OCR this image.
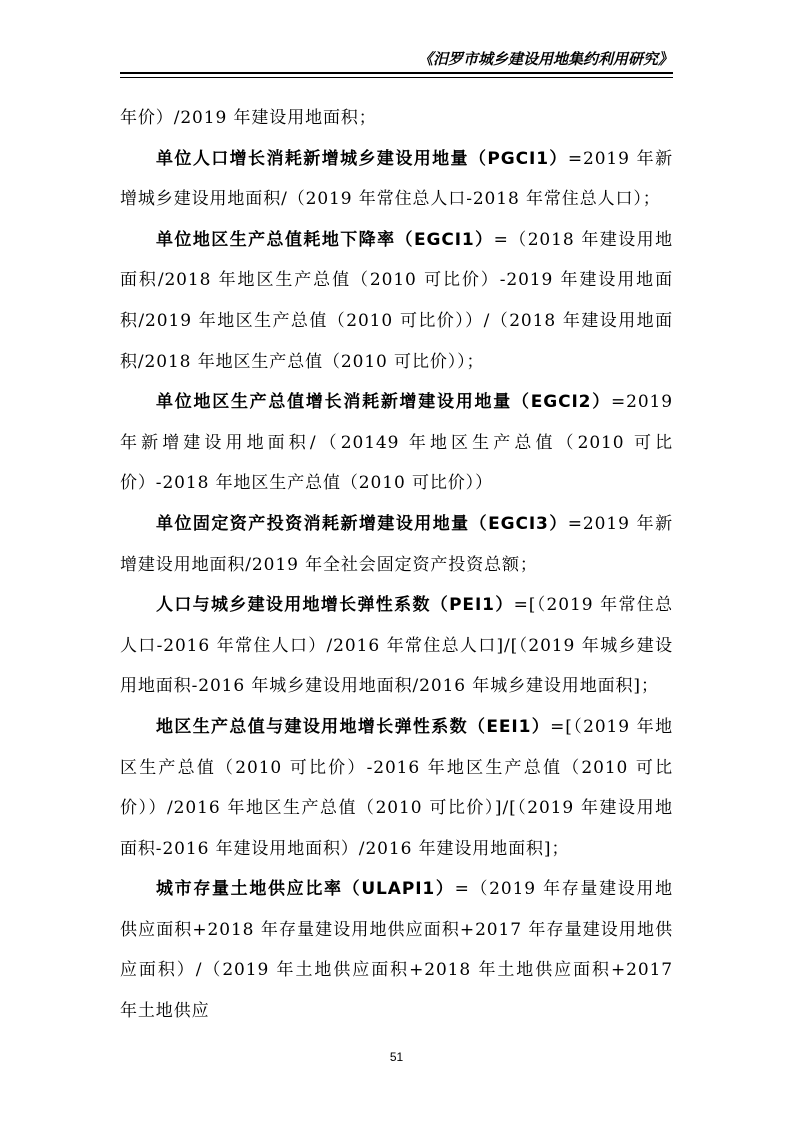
《汨罗市城乡建设用地集约利用研究》

年价）/2019 年建设用地面积；

单位人口增长消耗新增城乡建设用地量（PGCI1）=2019 年新增城乡建设用地面积/（2019 年常住总人口-2018 年常住总人口）；

单位地区生产总值耗地下降率（EGCI1）=（2018 年建设用地面积/2018 年地区生产总值（2010 可比价）-2019 年建设用地面积/2019 年地区生产总值（2010 可比价））/（2018 年建设用地面积/2018 年地区生产总值（2010 可比价））；

单位地区生产总值增长消耗新增建设用地量（EGCI2）=2019 年新增建设用地面积/（20149 年地区生产总值（2010 可比价）-2018 年地区生产总值（2010 可比价））

单位固定资产投资消耗新增建设用地量（EGCI3）=2019 年新增建设用地面积/2019 年全社会固定资产投资总额；

人口与城乡建设用地增长弹性系数（PEI1）=[（2019 年常住总人口-2016 年常住人口）/2016 年常住总人口]/[（2019 年城乡建设用地面积-2016 年城乡建设用地面积/2016 年城乡建设用地面积]；

地区生产总值与建设用地增长弹性系数（EEI1）=[（2019 年地区生产总值（2010 可比价）-2016 年地区生产总值（2010 可比价））/2016 年地区生产总值（2010 可比价）]/[（2019 年建设用地面积-2016 年建设用地面积）/2016 年建设用地面积]；

城市存量土地供应比率（ULAPI1）=（2019 年存量建设用地供应面积+2018 年存量建设用地供应面积+2017 年存量建设用地供应面积）/（2019 年土地供应面积+2018 年土地供应面积+2017 年土地供应

51
